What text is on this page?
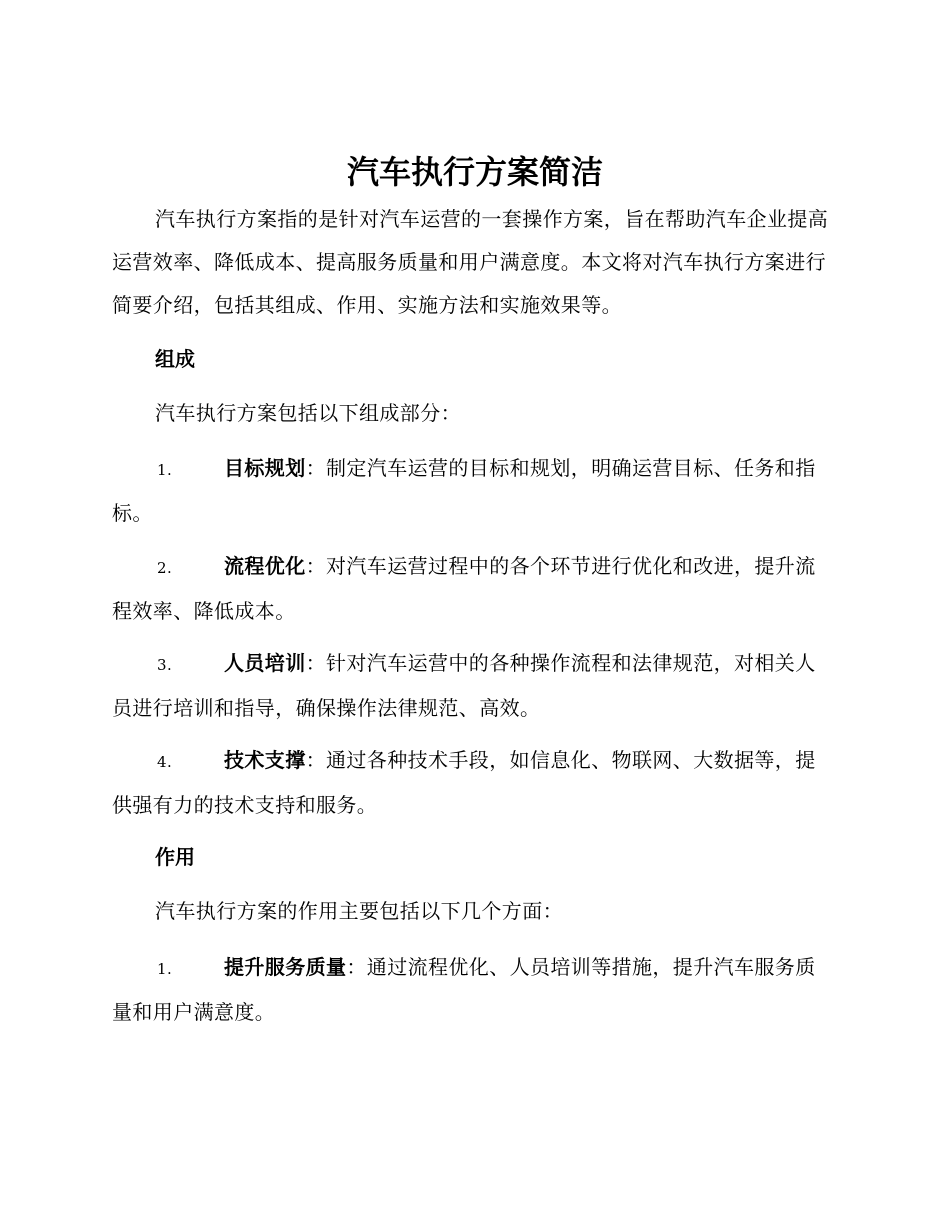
汽车执行方案简洁

汽车执行方案指的是针对汽车运营的一套操作方案，旨在帮助汽车企业提高运营效率、降低成本、提高服务质量和用户满意度。本文将对汽车执行方案进行简要介绍，包括其组成、作用、实施方法和实施效果等。

组成

汽车执行方案包括以下组成部分：

1.	目标规划：制定汽车运营的目标和规划，明确运营目标、任务和指标。

2.	流程优化：对汽车运营过程中的各个环节进行优化和改进，提升流程效率、降低成本。

3.	人员培训：针对汽车运营中的各种操作流程和法律规范，对相关人员进行培训和指导，确保操作法律规范、高效。

4.	技术支撑：通过各种技术手段，如信息化、物联网、大数据等，提供强有力的技术支持和服务。

作用

汽车执行方案的作用主要包括以下几个方面：

1.	提升服务质量：通过流程优化、人员培训等措施，提升汽车服务质量和用户满意度。
